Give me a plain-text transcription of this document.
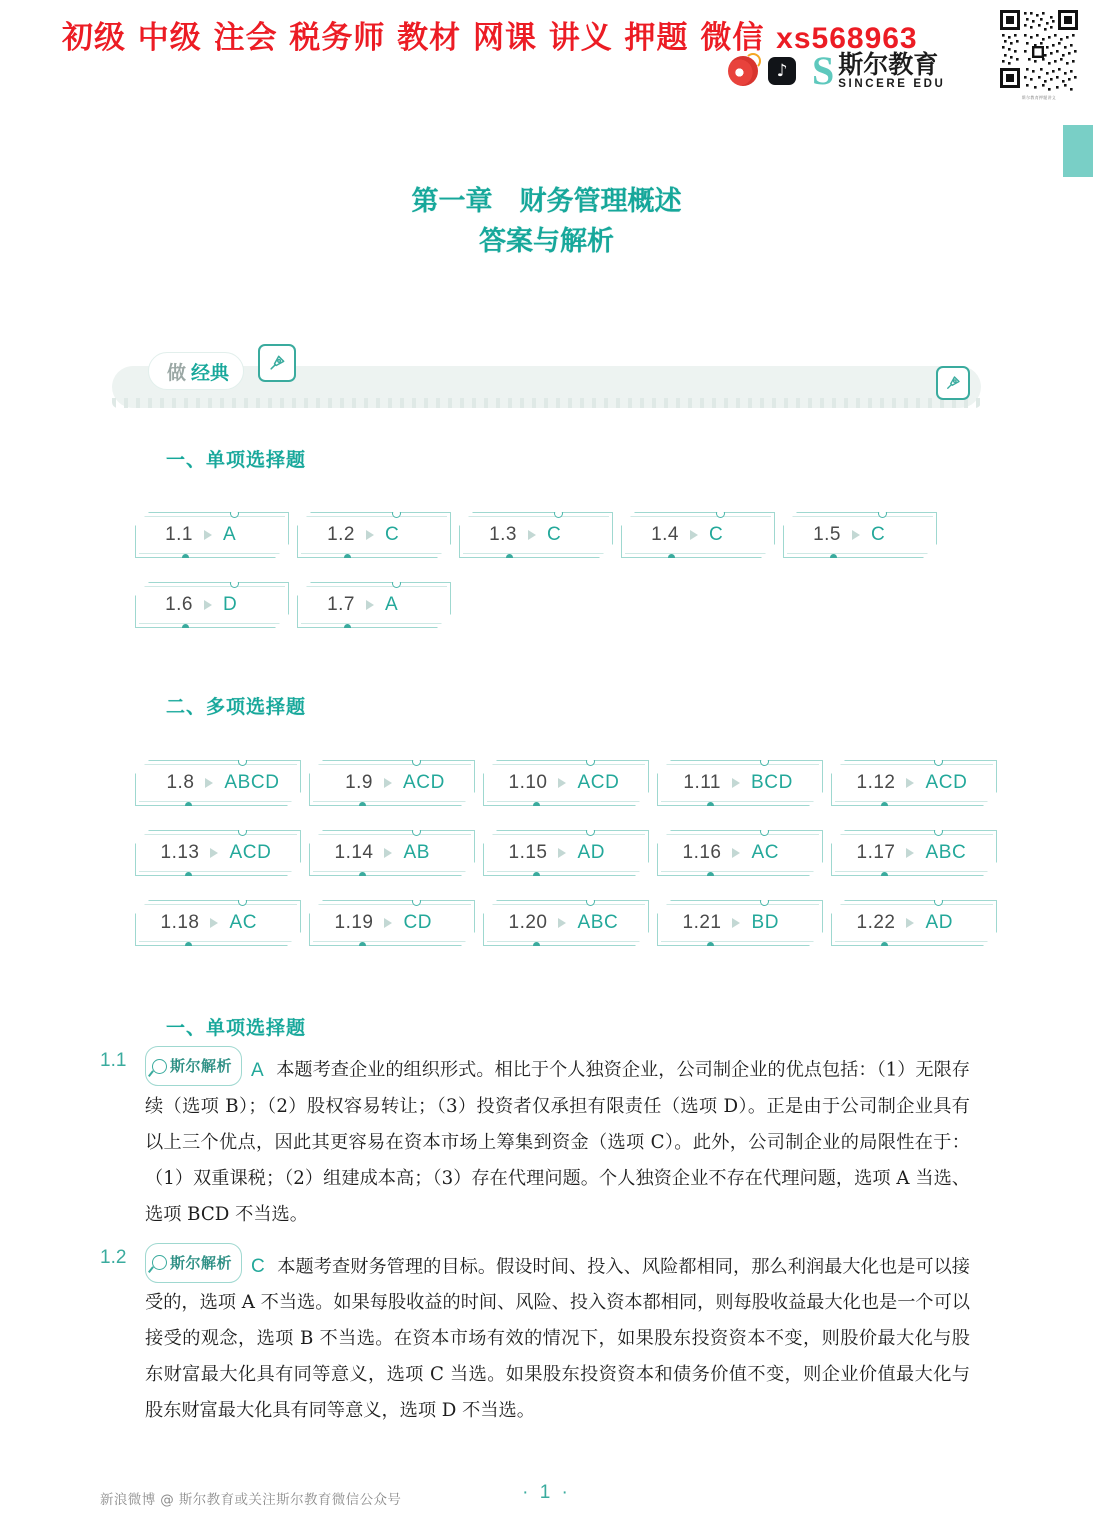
初级 中级 注会 税务师 教材 网课 讲义 押题 微信 xs568963
♪ S 斯尔教育
SINCERE EDU
斯尔教育押题讲义
第一章　财务管理概述
答案与解析
做 经典
一、单项选择题
1.1 A	1.2 C	1.3 C	1.4 C	1.5 C
1.6 D	1.7 A
二、多项选择题
1.8 ABCD	1.9 ACD	1.10 ACD	1.11 BCD	1.12 ACD
1.13 ACD	1.14 AB	1.15 AD	1.16 AC	1.17 ABC
1.18 AC	1.19 CD	1.20 ABC	1.21 BD	1.22 AD
一、单项选择题
1.1	斯尔解析 A 本题考查企业的组织形式。相比于个人独资企业，公司制企业的优点包括：（1）无限存续（选项 B）；（2）股权容易转让；（3）投资者仅承担有限责任（选项 D）。正是由于公司制企业具有以上三个优点，因此其更容易在资本市场上筹集到资金（选项 C）。此外，公司制企业的局限性在于：（1）双重课税；（2）组建成本高；（3）存在代理问题。个人独资企业不存在代理问题，选项 A 当选、选项 BCD 不当选。
1.2	斯尔解析 C 本题考查财务管理的目标。假设时间、投入、风险都相同，那么利润最大化也是可以接受的，选项 A 不当选。如果每股收益的时间、风险、投入资本都相同，则每股收益最大化也是一个可以接受的观念，选项 B 不当选。在资本市场有效的情况下，如果股东投资资本不变，则股价最大化与股东财富最大化具有同等意义，选项 C 当选。如果股东投资资本和债务价值不变，则企业价值最大化与股东财富最大化具有同等意义，选项 D 不当选。
新浪微博 @ 斯尔教育或关注斯尔教育微信公众号	· 1 ·
